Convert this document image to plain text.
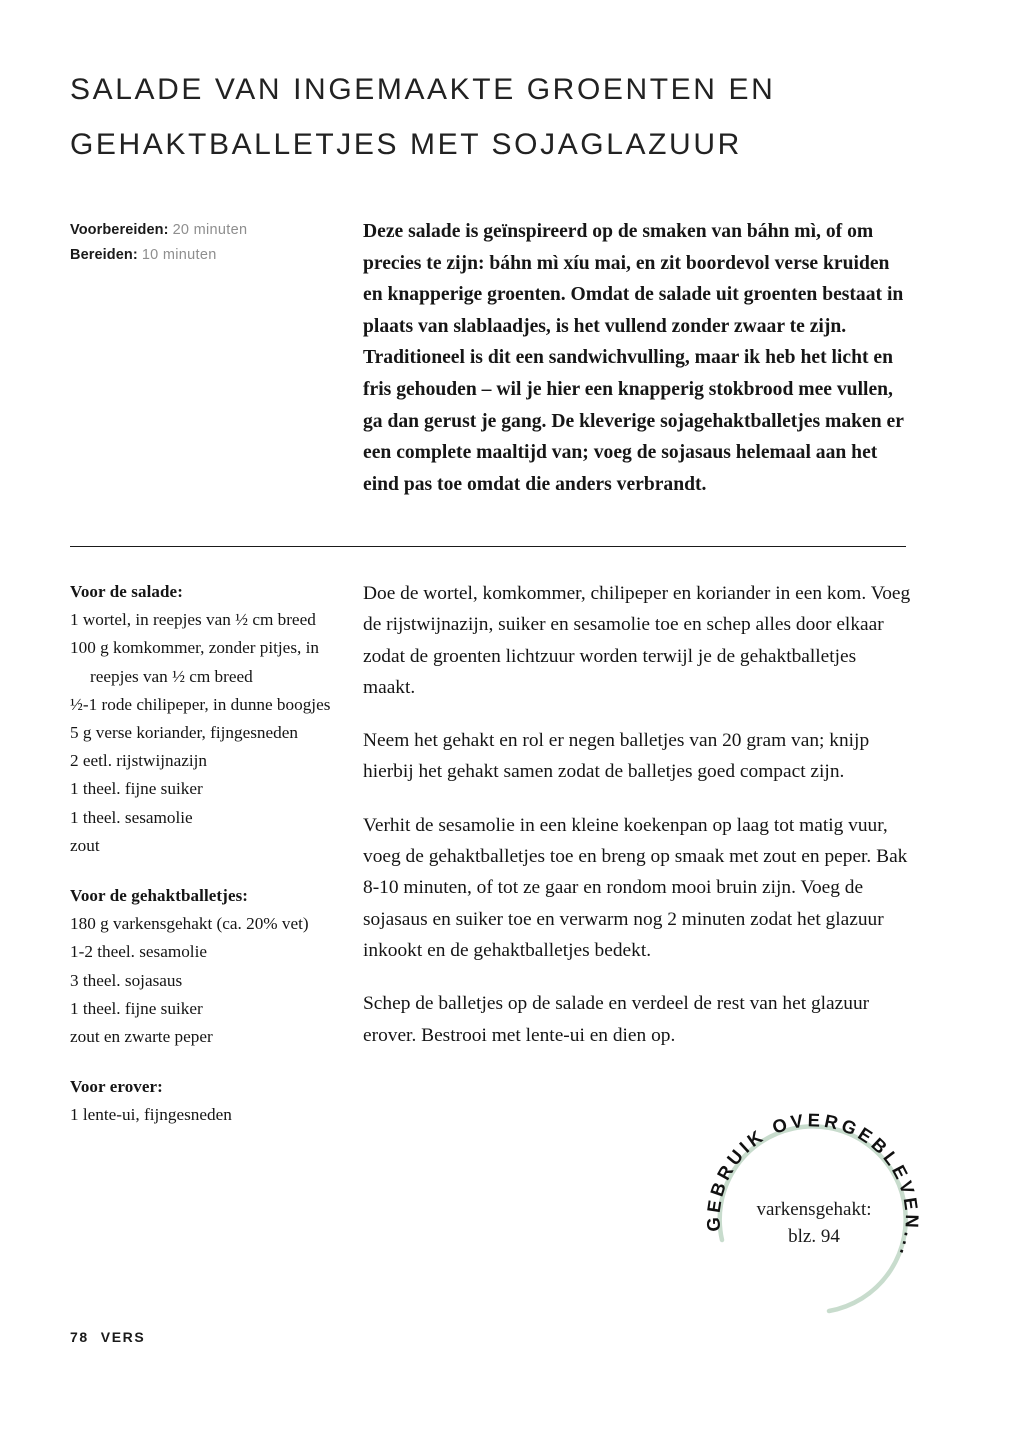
SALADE VAN INGEMAAKTE GROENTEN EN
GEHAKTBALLETJES MET SOJAGLAZUUR
Voorbereiden: 20 minuten
Bereiden: 10 minuten
Deze salade is geïnspireerd op de smaken van báhn mì, of om precies te zijn: báhn mì xíu mai, en zit boordevol verse kruiden en knapperige groenten. Omdat de salade uit groenten bestaat in plaats van slablaadjes, is het vullend zonder zwaar te zijn. Traditioneel is dit een sandwichvulling, maar ik heb het licht en fris gehouden – wil je hier een knapperig stokbrood mee vullen, ga dan gerust je gang. De kleverige sojagehaktballetjes maken er een complete maaltijd van; voeg de sojasaus helemaal aan het eind pas toe omdat die anders verbrandt.
Voor de salade:
1 wortel, in reepjes van ½ cm breed
100 g komkommer, zonder pitjes, in reepjes van ½ cm breed
½-1 rode chilipeper, in dunne boogjes
5 g verse koriander, fijngesneden
2 eetl. rijstwijnazijn
1 theel. fijne suiker
1 theel. sesamolie
zout
Voor de gehaktballetjes:
180 g varkensgehakt (ca. 20% vet)
1-2 theel. sesamolie
3 theel. sojasaus
1 theel. fijne suiker
zout en zwarte peper
Voor erover:
1 lente-ui, fijngesneden

Doe de wortel, komkommer, chilipeper en koriander in een kom. Voeg de rijstwijnazijn, suiker en sesamolie toe en schep alles door elkaar zodat de groenten lichtzuur worden terwijl je de gehaktballetjes maakt.

Neem het gehakt en rol er negen balletjes van 20 gram van; knijp hierbij het gehakt samen zodat de balletjes goed compact zijn.

Verhit de sesamolie in een kleine koekenpan op laag tot matig vuur, voeg de gehaktballetjes toe en breng op smaak met zout en peper. Bak 8-10 minuten, of tot ze gaar en rondom mooi bruin zijn. Voeg de sojasaus en suiker toe en verwarm nog 2 minuten zodat het glazuur inkookt en de gehaktballetjes bedekt.

Schep de balletjes op de salade en verdeel de rest van het glazuur erover. Bestrooi met lente-ui en dien op.

GEBRUIK OVERGEBLEVEN...
varkensgehakt:
blz. 94
78 VERS
